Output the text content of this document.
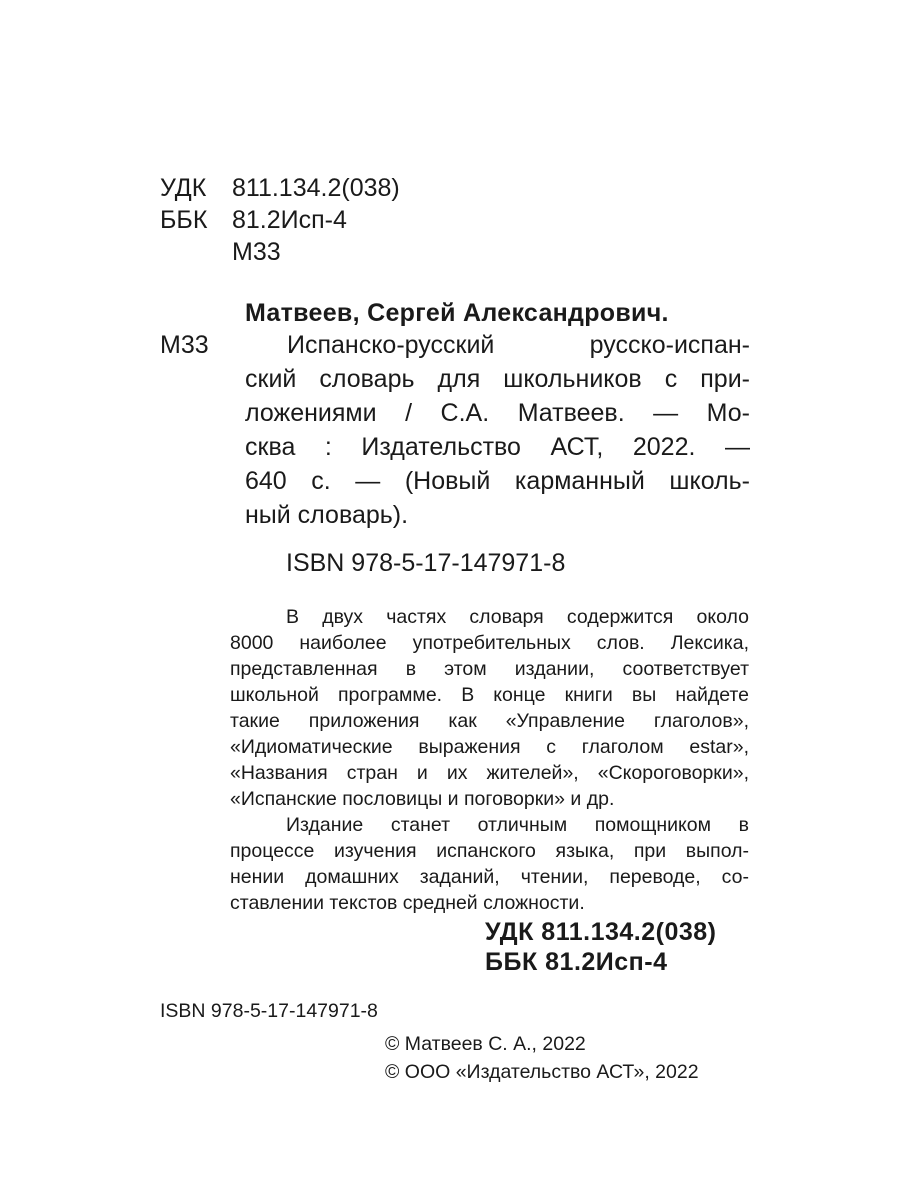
УДК 811.134.2(038)
ББК 81.2Исп-4
М33
Матвеев, Сергей Александрович.
М33	Испанско-русский русско-испан-
ский словарь для школьников с при-
ложениями / С.А. Матвеев. — Мо-
сква : Издательство АСТ, 2022. —
640 с. — (Новый карманный школь-
ный словарь).
ISBN 978-5-17-147971-8
В двух частях словаря содержится около
8000 наиболее употребительных слов. Лексика,
представленная в этом издании, соответствует
школьной программе. В конце книги вы найдете
такие приложения как «Управление глаголов»,
«Идиоматические выражения с глаголом estar»,
«Названия стран и их жителей», «Скороговорки»,
«Испанские пословицы и поговорки» и др.
Издание станет отличным помощником в
процессе изучения испанского языка, при выпол-
нении домашних заданий, чтении, переводе, со-
ставлении текстов средней сложности.
УДК 811.134.2(038)
ББК 81.2Исп-4
ISBN 978-5-17-147971-8
© Матвеев С. А., 2022
© ООО «Издательство АСТ», 2022
